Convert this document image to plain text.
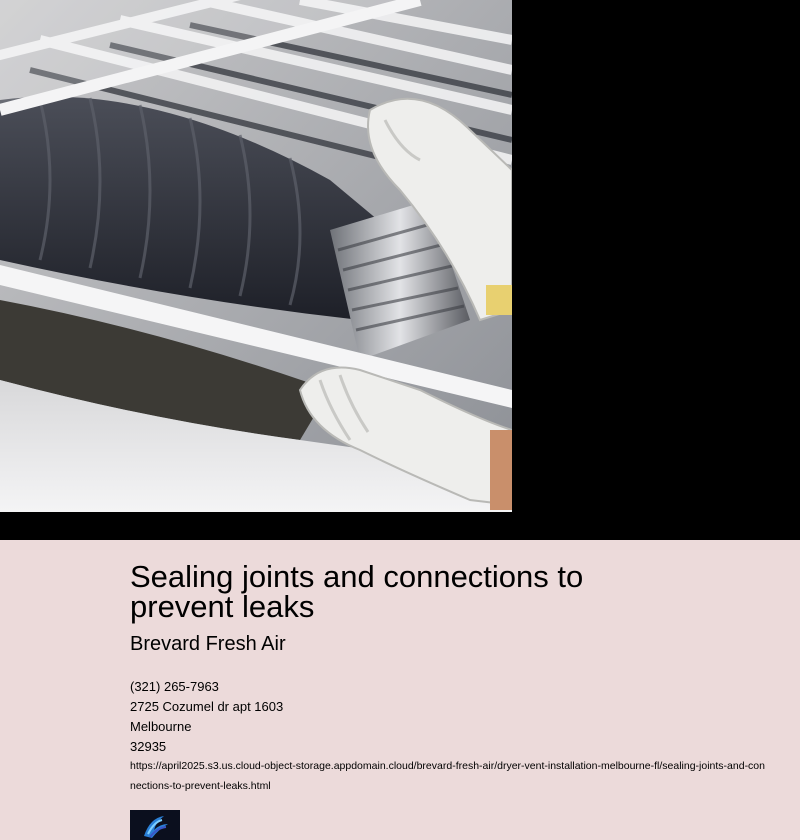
Sealing joints and connections to prevent leaks
Brevard Fresh Air
(321) 265-7963
2725 Cozumel dr apt 1603
Melbourne
32935
https://april2025.s3.us.cloud-object-storage.appdomain.cloud/brevard-fresh-air/dryer-vent-installation-melbourne-fl/sealing-joints-and-connections-to-prevent-leaks.html
